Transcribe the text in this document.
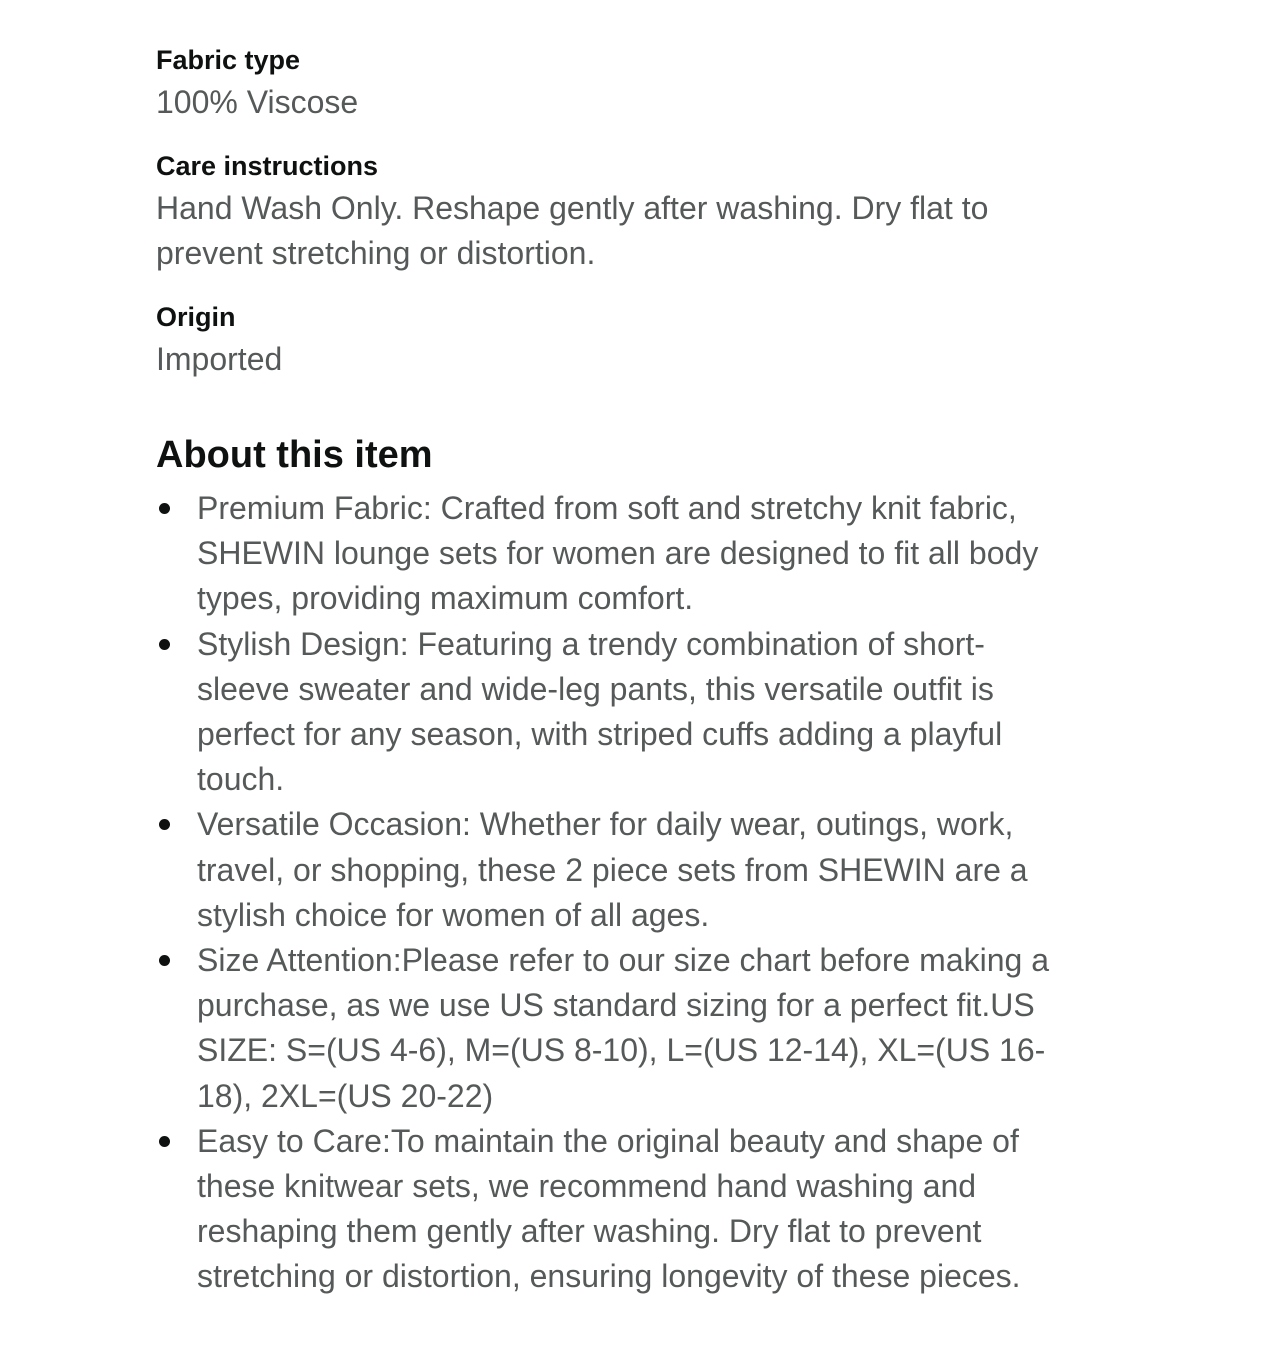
Fabric type
100% Viscose
Care instructions
Hand Wash Only. Reshape gently after washing. Dry flat to prevent stretching or distortion.
Origin
Imported
About this item
Premium Fabric: Crafted from soft and stretchy knit fabric, SHEWIN lounge sets for women are designed to fit all body types, providing maximum comfort.
Stylish Design: Featuring a trendy combination of short-sleeve sweater and wide-leg pants, this versatile outfit is perfect for any season, with striped cuffs adding a playful touch.
Versatile Occasion: Whether for daily wear, outings, work, travel, or shopping, these 2 piece sets from SHEWIN are a stylish choice for women of all ages.
Size Attention:Please refer to our size chart before making a purchase, as we use US standard sizing for a perfect fit.US SIZE: S=(US 4-6), M=(US 8-10), L=(US 12-14), XL=(US 16-18), 2XL=(US 20-22)
Easy to Care:To maintain the original beauty and shape of these knitwear sets, we recommend hand washing and reshaping them gently after washing. Dry flat to prevent stretching or distortion, ensuring longevity of these pieces.
